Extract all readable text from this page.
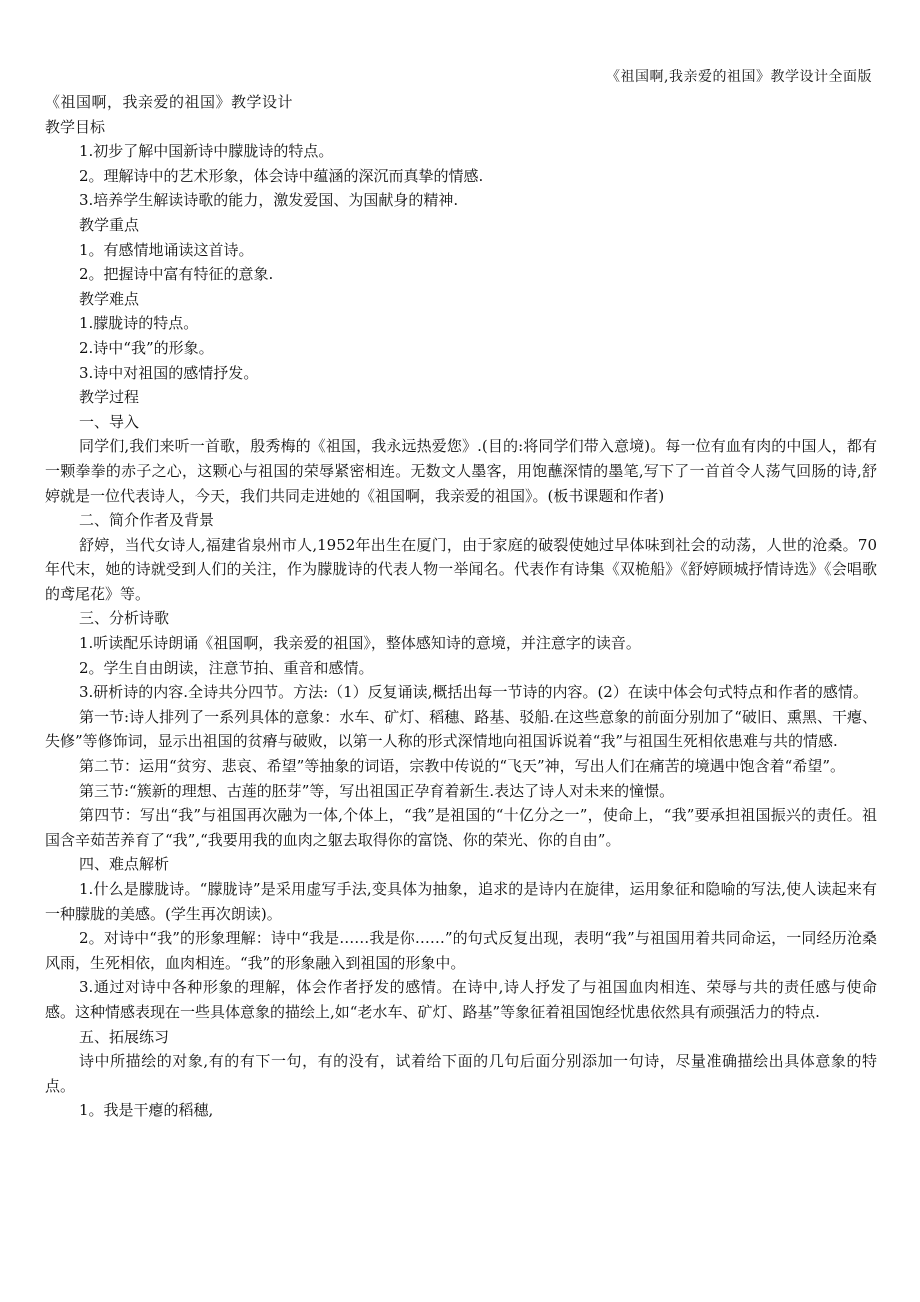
《祖国啊,我亲爱的祖国》教学设计全面版

《祖国啊，我亲爱的祖国》教学设计

教学目标

1.初步了解中国新诗中朦胧诗的特点。

2。理解诗中的艺术形象，体会诗中蕴涵的深沉而真挚的情感.

3.培养学生解读诗歌的能力，激发爱国、为国献身的精神.

教学重点

1。有感情地诵读这首诗。

2。把握诗中富有特征的意象.

教学难点

1.朦胧诗的特点。

2.诗中“我”的形象。

3.诗中对祖国的感情抒发。

教学过程

一、导入

同学们,我们来听一首歌，殷秀梅的《祖国，我永远热爱您》.(目的:将同学们带入意境)。每一位有血有肉的中国人，都有一颗拳拳的赤子之心，这颗心与祖国的荣辱紧密相连。无数文人墨客，用饱蘸深情的墨笔,写下了一首首令人荡气回肠的诗,舒婷就是一位代表诗人，今天，我们共同走进她的《祖国啊，我亲爱的祖国》。(板书课题和作者)

二、简介作者及背景

舒婷，当代女诗人,福建省泉州市人,1952年出生在厦门，由于家庭的破裂使她过早体味到社会的动荡，人世的沧桑。70年代末，她的诗就受到人们的关注，作为朦胧诗的代表人物一举闻名。代表作有诗集《双桅船》《舒婷顾城抒情诗选》《会唱歌的鸢尾花》等。

三、分析诗歌

1.听读配乐诗朗诵《祖国啊，我亲爱的祖国》，整体感知诗的意境，并注意字的读音。

2。学生自由朗读，注意节拍、重音和感情。

3.研析诗的内容.全诗共分四节。方法:（1）反复诵读,概括出每一节诗的内容。(2）在读中体会句式特点和作者的感情。

第一节:诗人排列了一系列具体的意象：水车、矿灯、稻穗、路基、驳船.在这些意象的前面分别加了“破旧、熏黑、干瘪、失修”等修饰词，显示出祖国的贫瘠与破败，以第一人称的形式深情地向祖国诉说着“我”与祖国生死相依患难与共的情感.

第二节：运用“贫穷、悲哀、希望”等抽象的词语，宗教中传说的“飞天”神，写出人们在痛苦的境遇中饱含着“希望”。

第三节:“簇新的理想、古莲的胚芽”等，写出祖国正孕育着新生.表达了诗人对未来的憧憬。

第四节：写出“我”与祖国再次融为一体,个体上，“我”是祖国的“十亿分之一”，使命上，“我”要承担祖国振兴的责任。祖国含辛茹苦养育了“我”,“我要用我的血肉之躯去取得你的富饶、你的荣光、你的自由”。

四、难点解析

1.什么是朦胧诗。“朦胧诗”是采用虚写手法,变具体为抽象，追求的是诗内在旋律，运用象征和隐喻的写法,使人读起来有一种朦胧的美感。(学生再次朗读)。

2。对诗中“我”的形象理解：诗中“我是……我是你……”的句式反复出现，表明“我”与祖国用着共同命运，一同经历沧桑风雨，生死相依，血肉相连。“我”的形象融入到祖国的形象中。

3.通过对诗中各种形象的理解，体会作者抒发的感情。在诗中,诗人抒发了与祖国血肉相连、荣辱与共的责任感与使命感。这种情感表现在一些具体意象的描绘上,如“老水车、矿灯、路基”等象征着祖国饱经忧患依然具有顽强活力的特点.

五、拓展练习

诗中所描绘的对象,有的有下一句，有的没有，试着给下面的几句后面分别添加一句诗，尽量准确描绘出具体意象的特点。

1。我是干瘪的稻穗,
